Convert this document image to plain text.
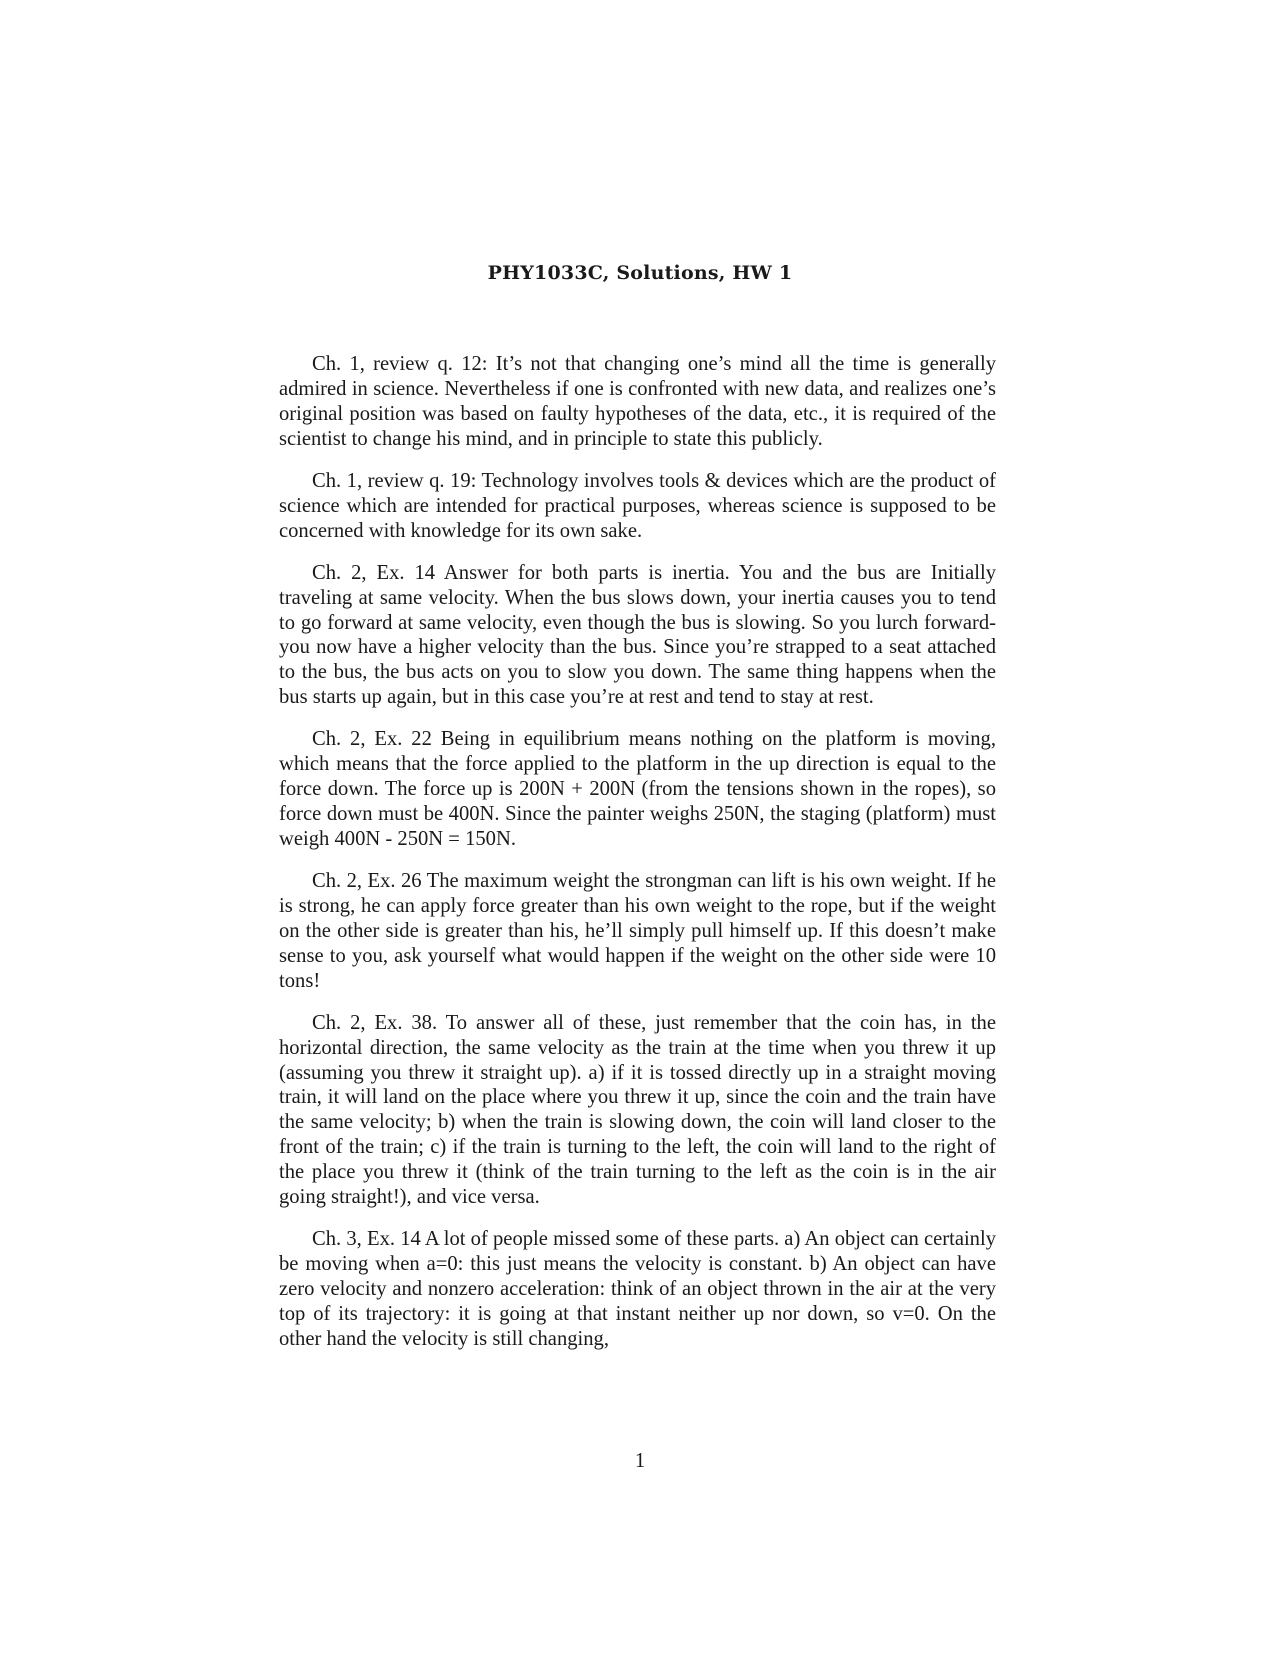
PHY1033C, Solutions, HW 1

Ch. 1, review q. 12: It’s not that changing one’s mind all the time is generally admired in science. Nevertheless if one is confronted with new data, and realizes one’s original position was based on faulty hypotheses of the data, etc., it is required of the scientist to change his mind, and in principle to state this publicly.

Ch. 1, review q. 19: Technology involves tools & devices which are the product of science which are intended for practical purposes, whereas science is supposed to be concerned with knowledge for its own sake.

Ch. 2, Ex. 14 Answer for both parts is inertia. You and the bus are Initially traveling at same velocity. When the bus slows down, your inertia causes you to tend to go forward at same velocity, even though the bus is slowing. So you lurch forward-you now have a higher velocity than the bus. Since you’re strapped to a seat attached to the bus, the bus acts on you to slow you down. The same thing happens when the bus starts up again, but in this case you’re at rest and tend to stay at rest.

Ch. 2, Ex. 22 Being in equilibrium means nothing on the platform is moving, which means that the force applied to the platform in the up direction is equal to the force down. The force up is 200N + 200N (from the tensions shown in the ropes), so force down must be 400N. Since the painter weighs 250N, the staging (platform) must weigh 400N - 250N = 150N.

Ch. 2, Ex. 26 The maximum weight the strongman can lift is his own weight. If he is strong, he can apply force greater than his own weight to the rope, but if the weight on the other side is greater than his, he’ll simply pull himself up. If this doesn’t make sense to you, ask yourself what would happen if the weight on the other side were 10 tons!

Ch. 2, Ex. 38. To answer all of these, just remember that the coin has, in the horizontal direction, the same velocity as the train at the time when you threw it up (assuming you threw it straight up). a) if it is tossed directly up in a straight moving train, it will land on the place where you threw it up, since the coin and the train have the same velocity; b) when the train is slowing down, the coin will land closer to the front of the train; c) if the train is turning to the left, the coin will land to the right of the place you threw it (think of the train turning to the left as the coin is in the air going straight!), and vice versa.

Ch. 3, Ex. 14 A lot of people missed some of these parts. a) An object can certainly be moving when a=0: this just means the velocity is constant. b) An object can have zero velocity and nonzero acceleration: think of an object thrown in the air at the very top of its trajectory: it is going at that instant neither up nor down, so v=0. On the other hand the velocity is still changing,

1
